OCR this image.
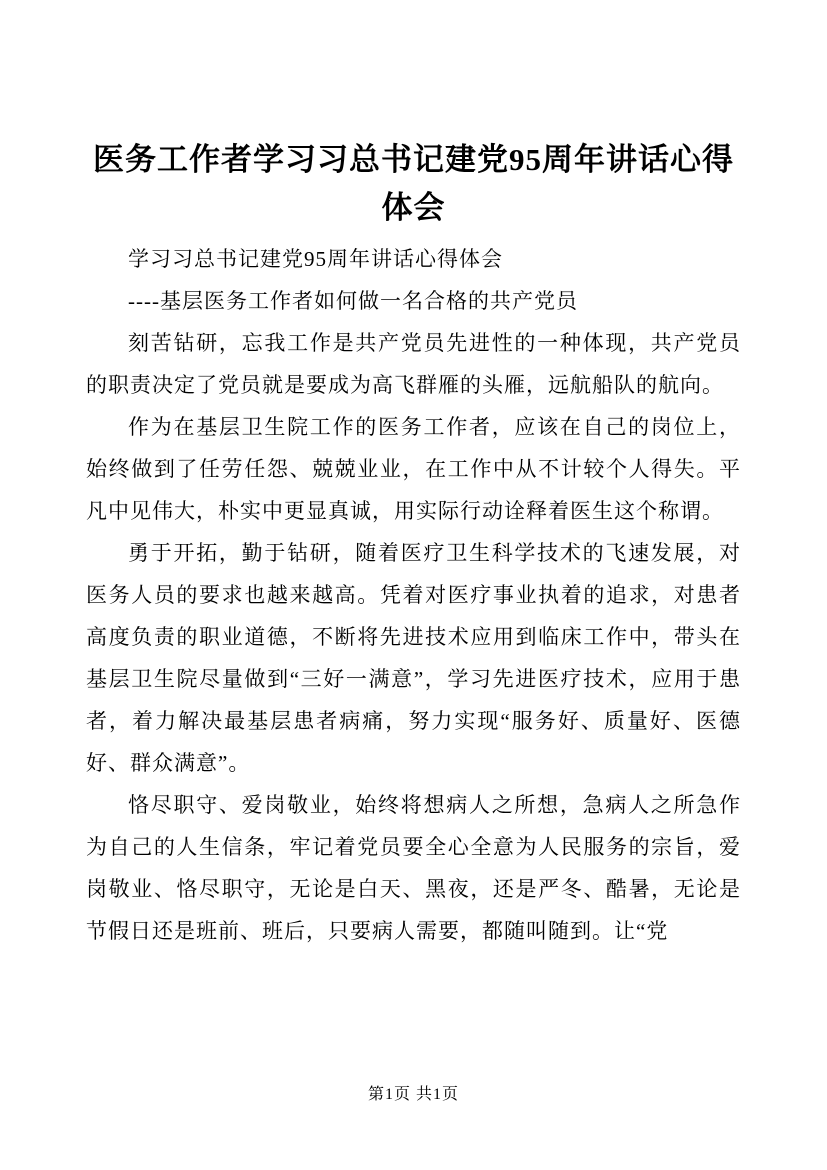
医务工作者学习习总书记建党95周年讲话心得体会

学习习总书记建党95周年讲话心得体会

----基层医务工作者如何做一名合格的共产党员

刻苦钻研，忘我工作是共产党员先进性的一种体现，共产党员的职责决定了党员就是要成为高飞群雁的头雁，远航船队的航向。

作为在基层卫生院工作的医务工作者，应该在自己的岗位上，始终做到了任劳任怨、兢兢业业，在工作中从不计较个人得失。平凡中见伟大，朴实中更显真诚，用实际行动诠释着医生这个称谓。

勇于开拓，勤于钻研，随着医疗卫生科学技术的飞速发展，对医务人员的要求也越来越高。凭着对医疗事业执着的追求，对患者高度负责的职业道德，不断将先进技术应用到临床工作中，带头在基层卫生院尽量做到“三好一满意”，学习先进医疗技术，应用于患者，着力解决最基层患者病痛，努力实现“服务好、质量好、医德好、群众满意”。

恪尽职守、爱岗敬业，始终将想病人之所想，急病人之所急作为自己的人生信条，牢记着党员要全心全意为人民服务的宗旨，爱岗敬业、恪尽职守，无论是白天、黑夜，还是严冬、酷暑，无论是节假日还是班前、班后，只要病人需要，都随叫随到。让“党

第1页 共1页
